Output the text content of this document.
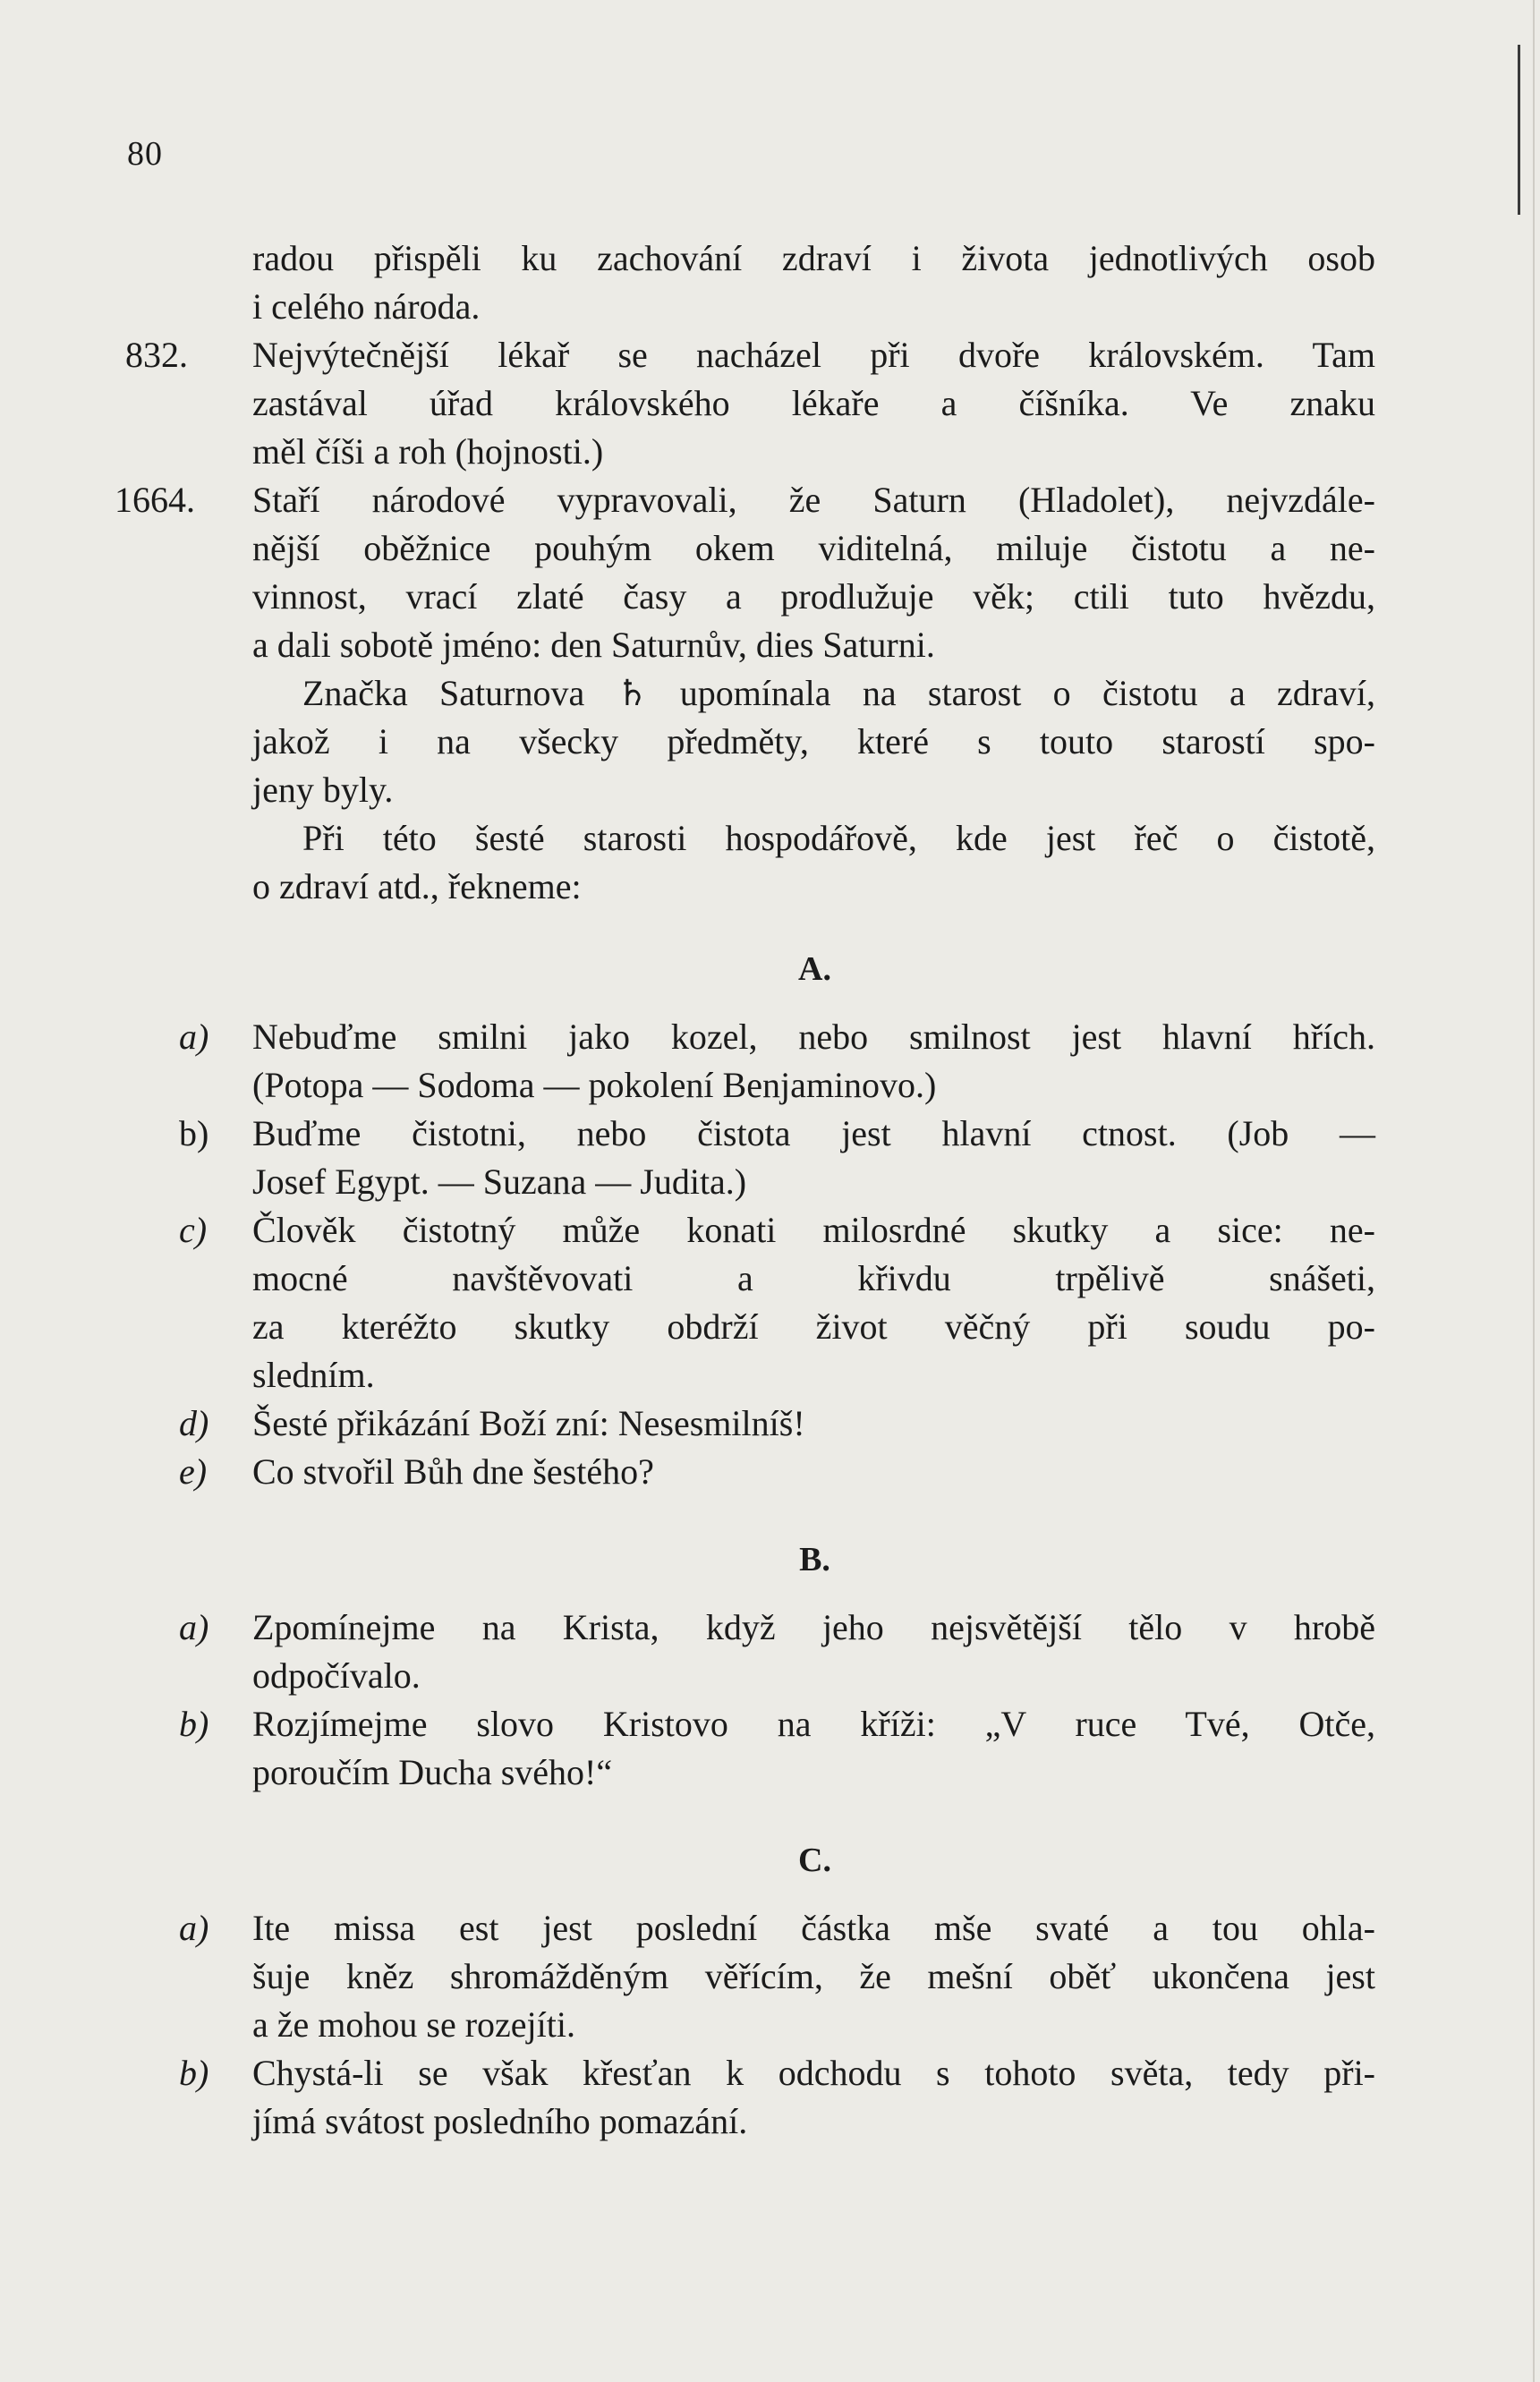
80
radou přispěli ku zachování zdraví i života jednotlivých osob
i celého národa.
832. Nejvýtečnější lékař se nacházel při dvoře královském. Tam
zastával úřad královského lékaře a číšníka. Ve znaku
měl číši a roh (hojnosti.)
1664. Staří národové vypravovali, že Saturn (Hladolet), nejvzdále-
nější oběžnice pouhým okem viditelná, miluje čistotu a ne-
vinnost, vrací zlaté časy a prodlužuje věk; ctili tuto hvězdu,
a dali sobotě jméno: den Saturnův, dies Saturni.
Značka Saturnova ♄ upomínala na starost o čistotu a zdraví,
jakož i na všecky předměty, které s touto starostí spo-
jeny byly.
Při této šesté starosti hospodářově, kde jest řeč o čistotě,
o zdraví atd., řekneme:
A.
a) Nebuďme smilni jako kozel, nebo smilnost jest hlavní hřích.
(Potopa — Sodoma — pokolení Benjaminovo.)
b) Buďme čistotni, nebo čistota jest hlavní ctnost. (Job —
Josef Egypt. — Suzana — Judita.)
c) Člověk čistotný může konati milosrdné skutky a sice: ne-
mocné navštěvovati a křivdu trpělivě snášeti,
za kteréžto skutky obdrží život věčný při soudu po-
sledním.
d) Šesté přikázání Boží zní: Nesesmilníš!
e) Co stvořil Bůh dne šestého?
B.
a) Zpomínejme na Krista, když jeho nejsvětější tělo v hrobě
odpočívalo.
b) Rozjímejme slovo Kristovo na kříži: „V ruce Tvé, Otče,
poroučím Ducha svého!“
C.
a) Ite missa est jest poslední částka mše svaté a tou ohla-
šuje kněz shromážděným věřícím, že mešní oběť ukončena jest
a že mohou se rozejíti.
b) Chystá-li se však křesťan k odchodu s tohoto světa, tedy při-
jímá svátost posledního pomazání.
